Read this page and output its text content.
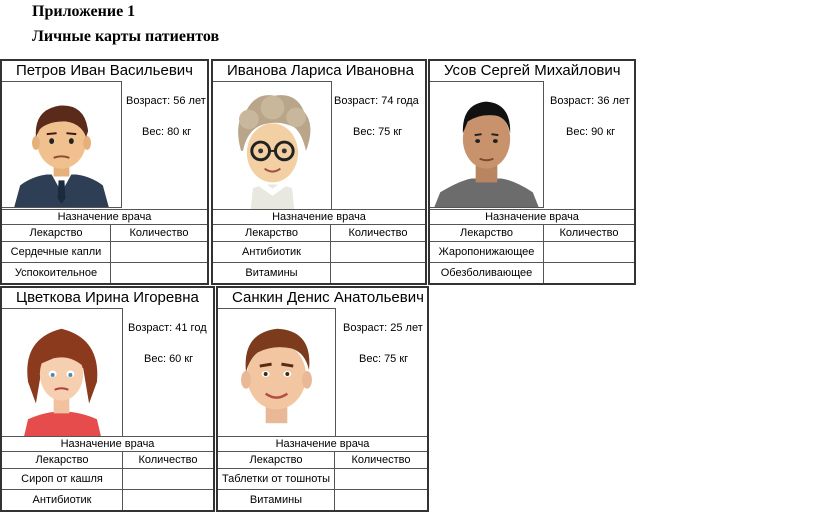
Приложение 1
Личные карты патиентов
Петров Иван Васильевич
Возраст: 56 лет
Вес: 80 кг
Назначение врача
Лекарство	Количество
Сердечные капли
Успокоительное
Иванова Лариса Ивановна
Возраст: 74 года
Вес: 75 кг
Назначение врача
Лекарство	Количество
Антибиотик
Витамины
Усов Сергей Михайлович
Возраст: 36 лет
Вес: 90 кг
Назначение врача
Лекарство	Количество
Жаропонижающее
Обезболивающее
Цветкова Ирина Игоревна
Возраст: 41 год
Вес: 60 кг
Назначение врача
Лекарство	Количество
Сироп от кашля
Антибиотик
Санкин Денис Анатольевич
Возраст: 25 лет
Вес: 75 кг
Назначение врача
Лекарство	Количество
Таблетки от тошноты
Витамины
